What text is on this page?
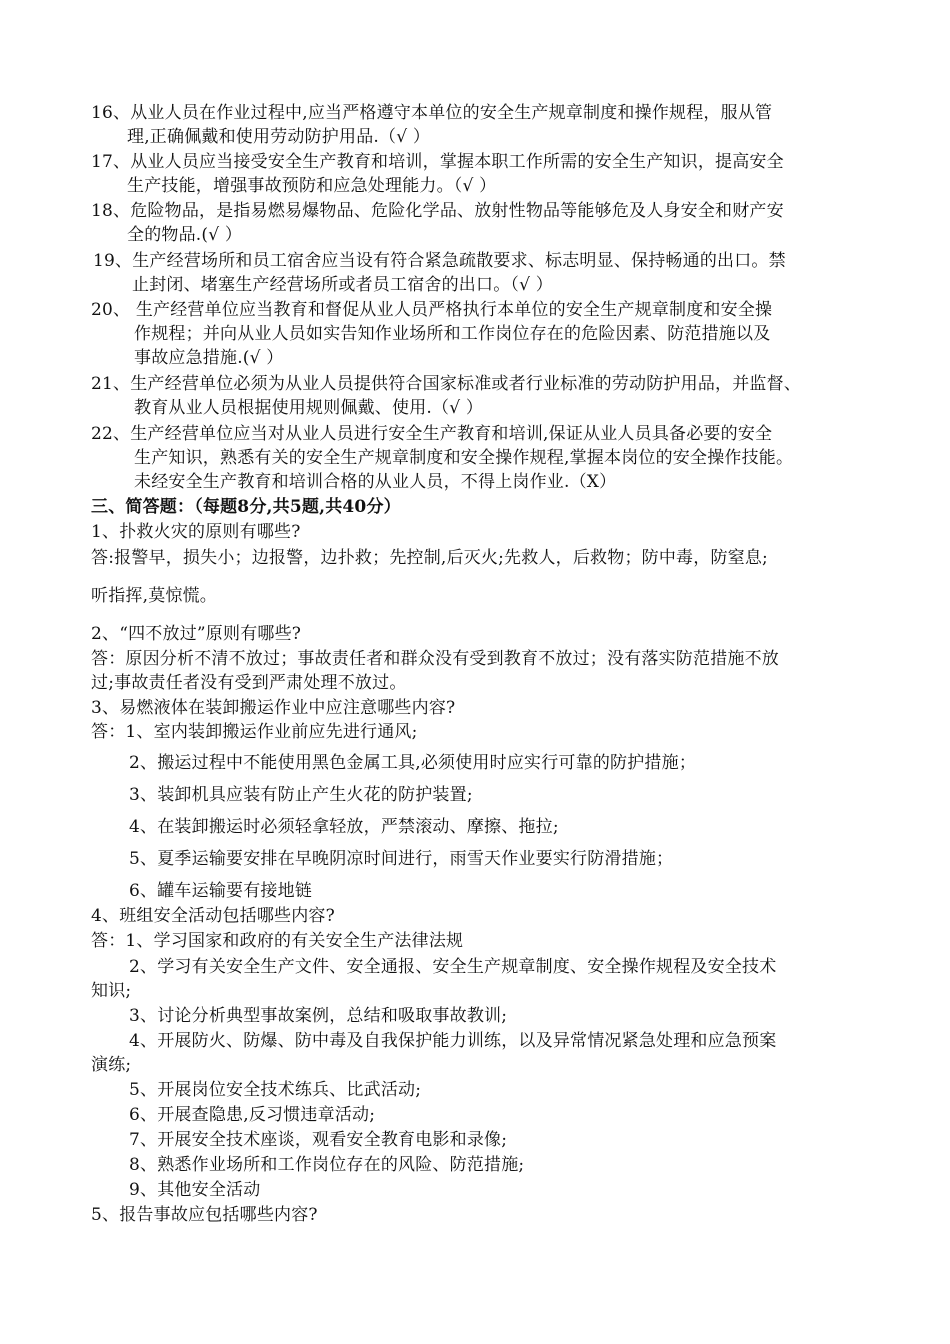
16、从业人员在作业过程中,应当严格遵守本单位的安全生产规章制度和操作规程，服从管
理,正确佩戴和使用劳动防护用品.（√ ）
17、从业人员应当接受安全生产教育和培训，掌握本职工作所需的安全生产知识，提高安全
生产技能，增强事故预防和应急处理能力。（√ ）
18、危险物品，是指易燃易爆物品、危险化学品、放射性物品等能够危及人身安全和财产安
全的物品.(√ ）
19、生产经营场所和员工宿舍应当设有符合紧急疏散要求、标志明显、保持畅通的出口。禁
止封闭、堵塞生产经营场所或者员工宿舍的出口。（√ ）
20、 生产经营单位应当教育和督促从业人员严格执行本单位的安全生产规章制度和安全操
作规程；并向从业人员如实告知作业场所和工作岗位存在的危险因素、防范措施以及
事故应急措施.(√ ）
21、生产经营单位必须为从业人员提供符合国家标准或者行业标准的劳动防护用品，并监督、
教育从业人员根据使用规则佩戴、使用.（√ ）
22、生产经营单位应当对从业人员进行安全生产教育和培训,保证从业人员具备必要的安全
生产知识，熟悉有关的安全生产规章制度和安全操作规程,掌握本岗位的安全操作技能。
未经安全生产教育和培训合格的从业人员，不得上岗作业.（X）
三、简答题：（每题8分,共5题,共40分）
1、扑救火灾的原则有哪些?
答:报警早，损失小；边报警，边扑救；先控制,后灭火;先救人，后救物；防中毒，防窒息;
听指挥,莫惊慌。
2、“四不放过”原则有哪些?
答：原因分析不清不放过；事故责任者和群众没有受到教育不放过；没有落实防范措施不放
过;事故责任者没有受到严肃处理不放过。
3、易燃液体在装卸搬运作业中应注意哪些内容?
答：1、室内装卸搬运作业前应先进行通风;
2、搬运过程中不能使用黑色金属工具,必须使用时应实行可靠的防护措施；
3、装卸机具应装有防止产生火花的防护装置;
4、在装卸搬运时必须轻拿轻放，严禁滚动、摩擦、拖拉;
5、夏季运输要安排在早晚阴凉时间进行，雨雪天作业要实行防滑措施；
6、罐车运输要有接地链
4、班组安全活动包括哪些内容?
答：1、学习国家和政府的有关安全生产法律法规
2、学习有关安全生产文件、安全通报、安全生产规章制度、安全操作规程及安全技术
知识;
3、讨论分析典型事故案例，总结和吸取事故教训;
4、开展防火、防爆、防中毒及自我保护能力训练，以及异常情况紧急处理和应急预案
演练;
5、开展岗位安全技术练兵、比武活动;
6、开展查隐患,反习惯违章活动;
7、开展安全技术座谈，观看安全教育电影和录像;
8、熟悉作业场所和工作岗位存在的风险、防范措施;
9、其他安全活动
5、报告事故应包括哪些内容?
